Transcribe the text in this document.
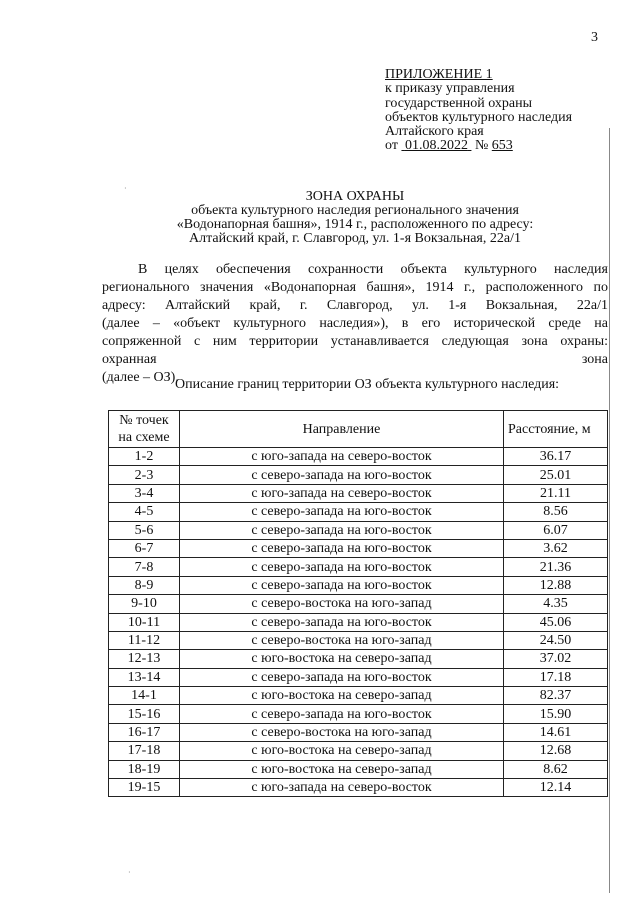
3
·
·
ПРИЛОЖЕНИЕ 1
к приказу управления
государственной охраны
объектов культурного наследия
Алтайского края
от 01.08.2022 № 653
ЗОНА ОХРАНЫ
объекта культурного наследия регионального значения
«Водонапорная башня», 1914 г., расположенного по адресу:
Алтайский край, г. Славгород, ул. 1-я Вокзальная, 22а/1
В целях обеспечения сохранности объекта культурного наследия
регионального значения «Водонапорная башня», 1914 г., расположенного по
адресу: Алтайский край, г. Славгород, ул. 1-я Вокзальная, 22а/1
(далее – «объект культурного наследия»), в его исторической среде на
сопряженной с ним территории устанавливается следующая зона охраны:
охранная	зона
(далее – ОЗ).
Описание границ территории ОЗ объекта культурного наследия:
№ точек на схеме	Направление	Расстояние, м
1-2	с юго-запада на северо-восток	36.17
2-3	с северо-запада на юго-восток	25.01
3-4	с юго-запада на северо-восток	21.11
4-5	с северо-запада на юго-восток	8.56
5-6	с северо-запада на юго-восток	6.07
6-7	с северо-запада на юго-восток	3.62
7-8	с северо-запада на юго-восток	21.36
8-9	с северо-запада на юго-восток	12.88
9-10	с северо-востока на юго-запад	4.35
10-11	с северо-запада на юго-восток	45.06
11-12	с северо-востока на юго-запад	24.50
12-13	с юго-востока на северо-запад	37.02
13-14	с северо-запада на юго-восток	17.18
14-1	с юго-востока на северо-запад	82.37
15-16	с северо-запада на юго-восток	15.90
16-17	с северо-востока на юго-запад	14.61
17-18	с юго-востока на северо-запад	12.68
18-19	с юго-востока на северо-запад	8.62
19-15	с юго-запада на северо-восток	12.14
